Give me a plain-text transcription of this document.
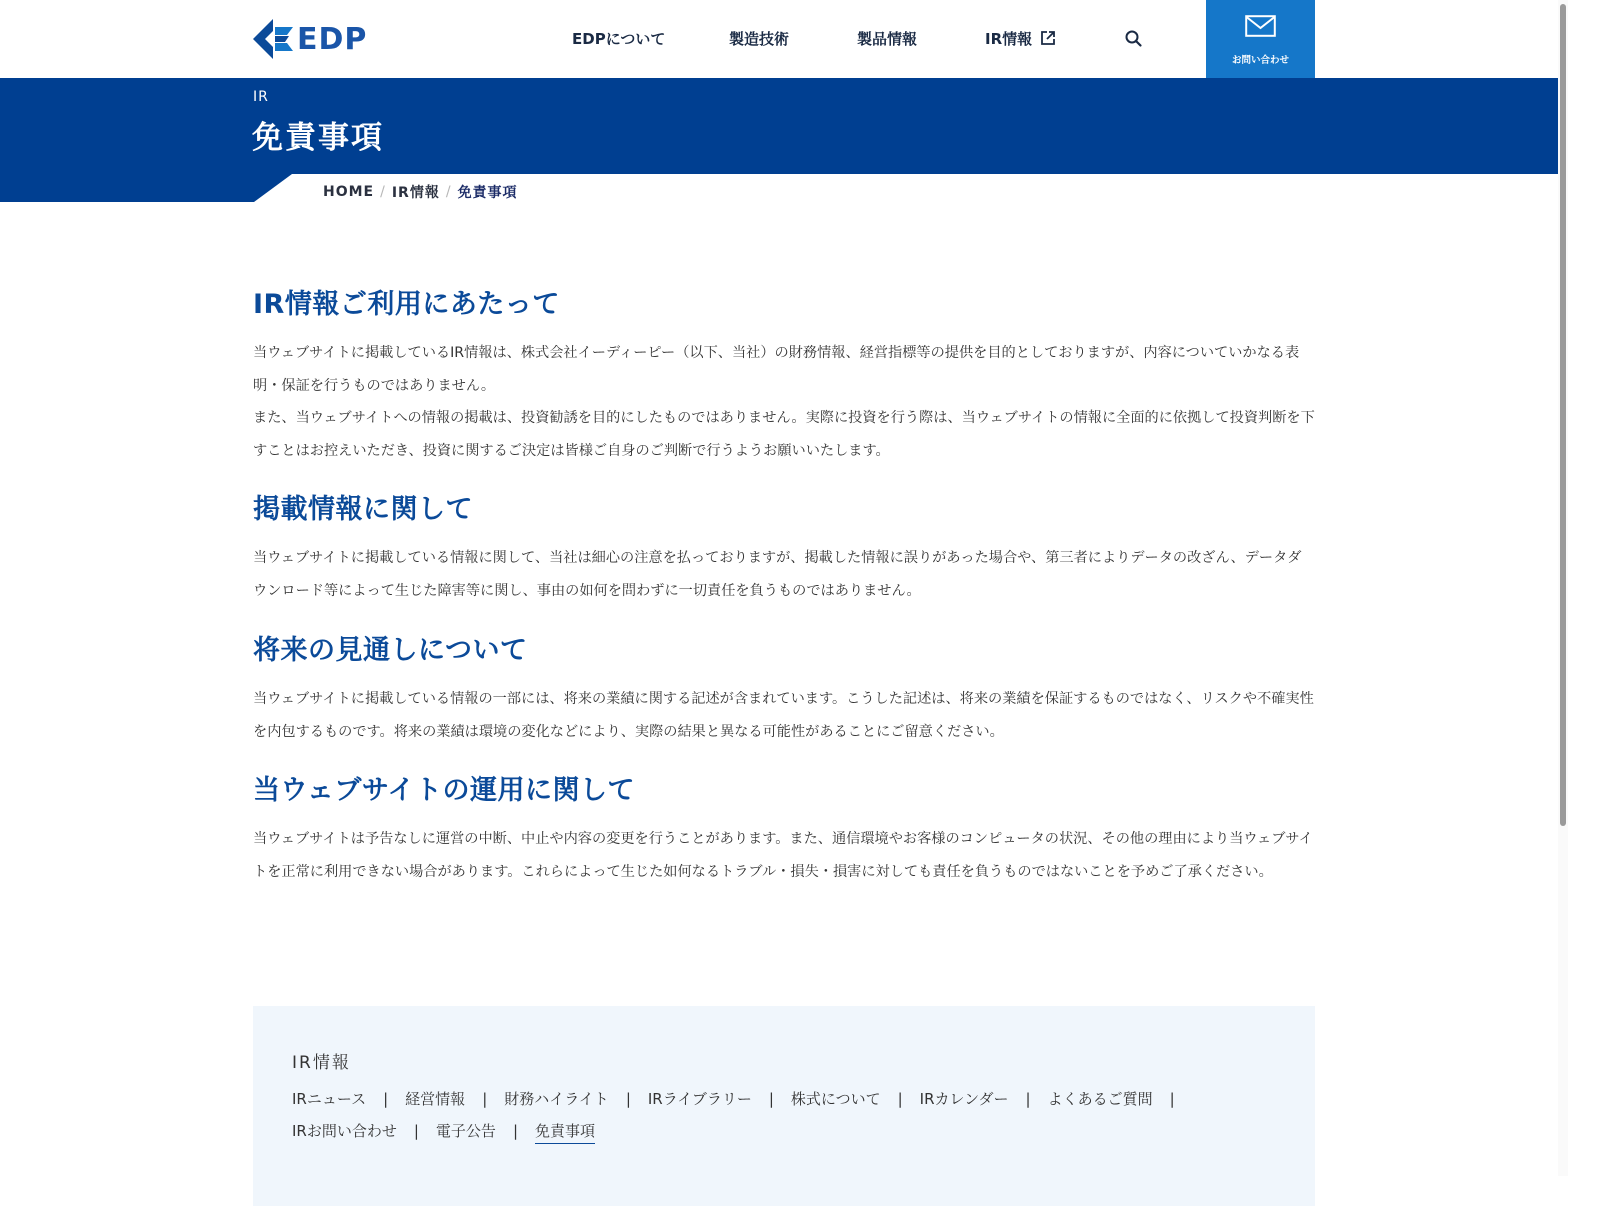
EDP	EDPについて	製造技術	製品情報	IR情報
お問い合わせ
IR
免責事項
HOME / IR情報 / 免責事項
IR情報ご利用にあたって

当ウェブサイトに掲載しているIR情報は、株式会社イーディーピー（以下、当社）の財務情報、経営指標等の提供を目的としておりますが、内容についていかなる表明・保証を行うものではありません。

また、当ウェブサイトへの情報の掲載は、投資勧誘を目的にしたものではありません。実際に投資を行う際は、当ウェブサイトの情報に全面的に依拠して投資判断を下すことはお控えいただき、投資に関するご決定は皆様ご自身のご判断で行うようお願いいたします。

掲載情報に関して

当ウェブサイトに掲載している情報に関して、当社は細心の注意を払っておりますが、掲載した情報に誤りがあった場合や、第三者によりデータの改ざん、データダウンロード等によって生じた障害等に関し、事由の如何を問わずに一切責任を負うものではありません。

将来の見通しについて

当ウェブサイトに掲載している情報の一部には、将来の業績に関する記述が含まれています。こうした記述は、将来の業績を保証するものではなく、リスクや不確実性を内包するものです。将来の業績は環境の変化などにより、実際の結果と異なる可能性があることにご留意ください。

当ウェブサイトの運用に関して

当ウェブサイトは予告なしに運営の中断、中止や内容の変更を行うことがあります。また、通信環境やお客様のコンピュータの状況、その他の理由により当ウェブサイトを正常に利用できない場合があります。これらによって生じた如何なるトラブル・損失・損害に対しても責任を負うものではないことを予めご了承ください。

IR情報
IRニュース | 経営情報 | 財務ハイライト | IRライブラリー | 株式について | IRカレンダー | よくあるご質問 |
IRお問い合わせ | 電子公告 | 免責事項
